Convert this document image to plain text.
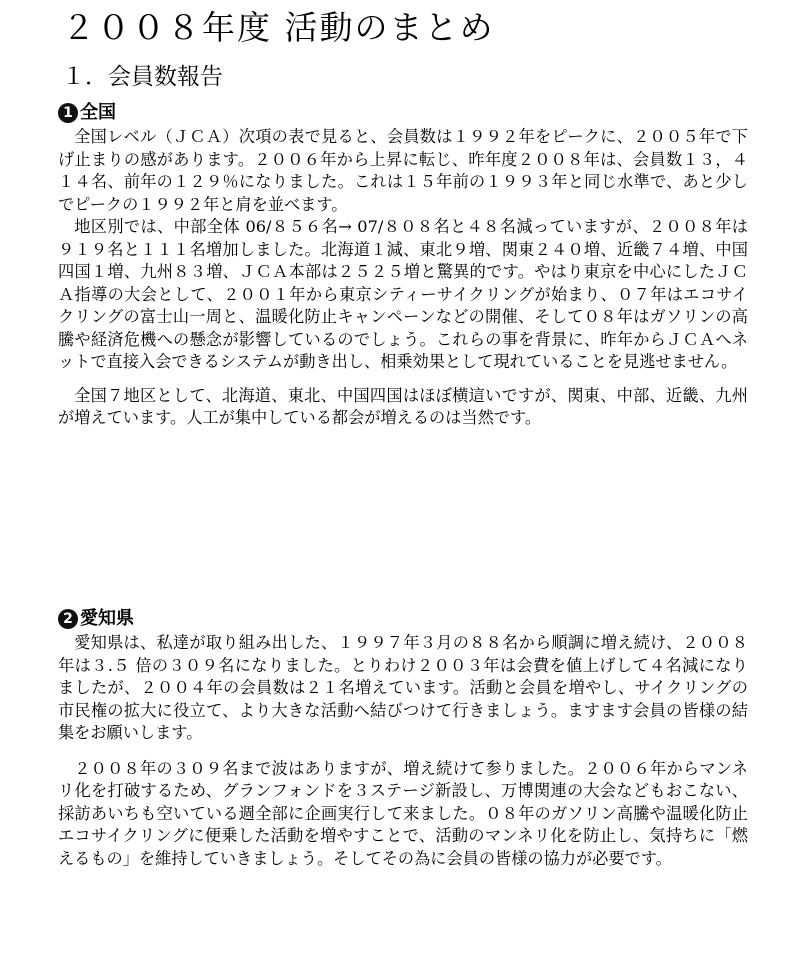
２００８年度 活動のまとめ
１．会員数報告
1 全国

全国レベル（ＪＣＡ）次項の表で見ると、会員数は１９９２年をピークに、２００５年で下げ止まりの感があります。２００６年から上昇に転じ、昨年度２００８年は、会員数１３，４１４名、前年の１２９％になりました。これは１５年前の１９９３年と同じ水準で、あと少しでピークの１９９２年と肩を並べます。

地区別では、中部全体 06/８５６名→ 07/８０８名と４８名減っていますが、２００８年は９１９名と１１１名増加しました。北海道１減、東北９増、関東２４０増、近畿７４増、中国四国１増、九州８３増、ＪＣＡ本部は２５２５増と驚異的です。やはり東京を中心にしたＪＣＡ指導の大会として、２００１年から東京シティーサイクリングが始まり、０７年はエコサイクリングの富士山一周と、温暖化防止キャンペーンなどの開催、そして０８年はガソリンの高騰や経済危機への懸念が影響しているのでしょう。これらの事を背景に、昨年からＪＣＡへネットで直接入会できるシステムが動き出し、相乗効果として現れていることを見逃せません。

全国７地区として、北海道、東北、中国四国はほぼ横這いですが、関東、中部、近畿、九州が増えています。人工が集中している都会が増えるのは当然です。

2 愛知県

愛知県は、私達が取り組み出した、１９９７年３月の８８名から順調に増え続け、２００８年は３.５ 倍の３０９名になりました。とりわけ２００３年は会費を値上げして４名減になりましたが、２００４年の会員数は２１名増えています。活動と会員を増やし、サイクリングの市民権の拡大に役立て、より大きな活動へ結びつけて行きましょう。ますます会員の皆様の結集をお願いします。

２００８年の３０９名まで波はありますが、増え続けて参りました。２００６年からマンネリ化を打破するため、グランフォンドを３ステージ新設し、万博関連の大会などもおこない、採訪あいちも空いている週全部に企画実行して来ました。０８年のガソリン高騰や温暖化防止エコサイクリングに便乗した活動を増やすことで、活動のマンネリ化を防止し、気持ちに「燃えるもの」を維持していきましょう。そしてその為に会員の皆様の協力が必要です。
